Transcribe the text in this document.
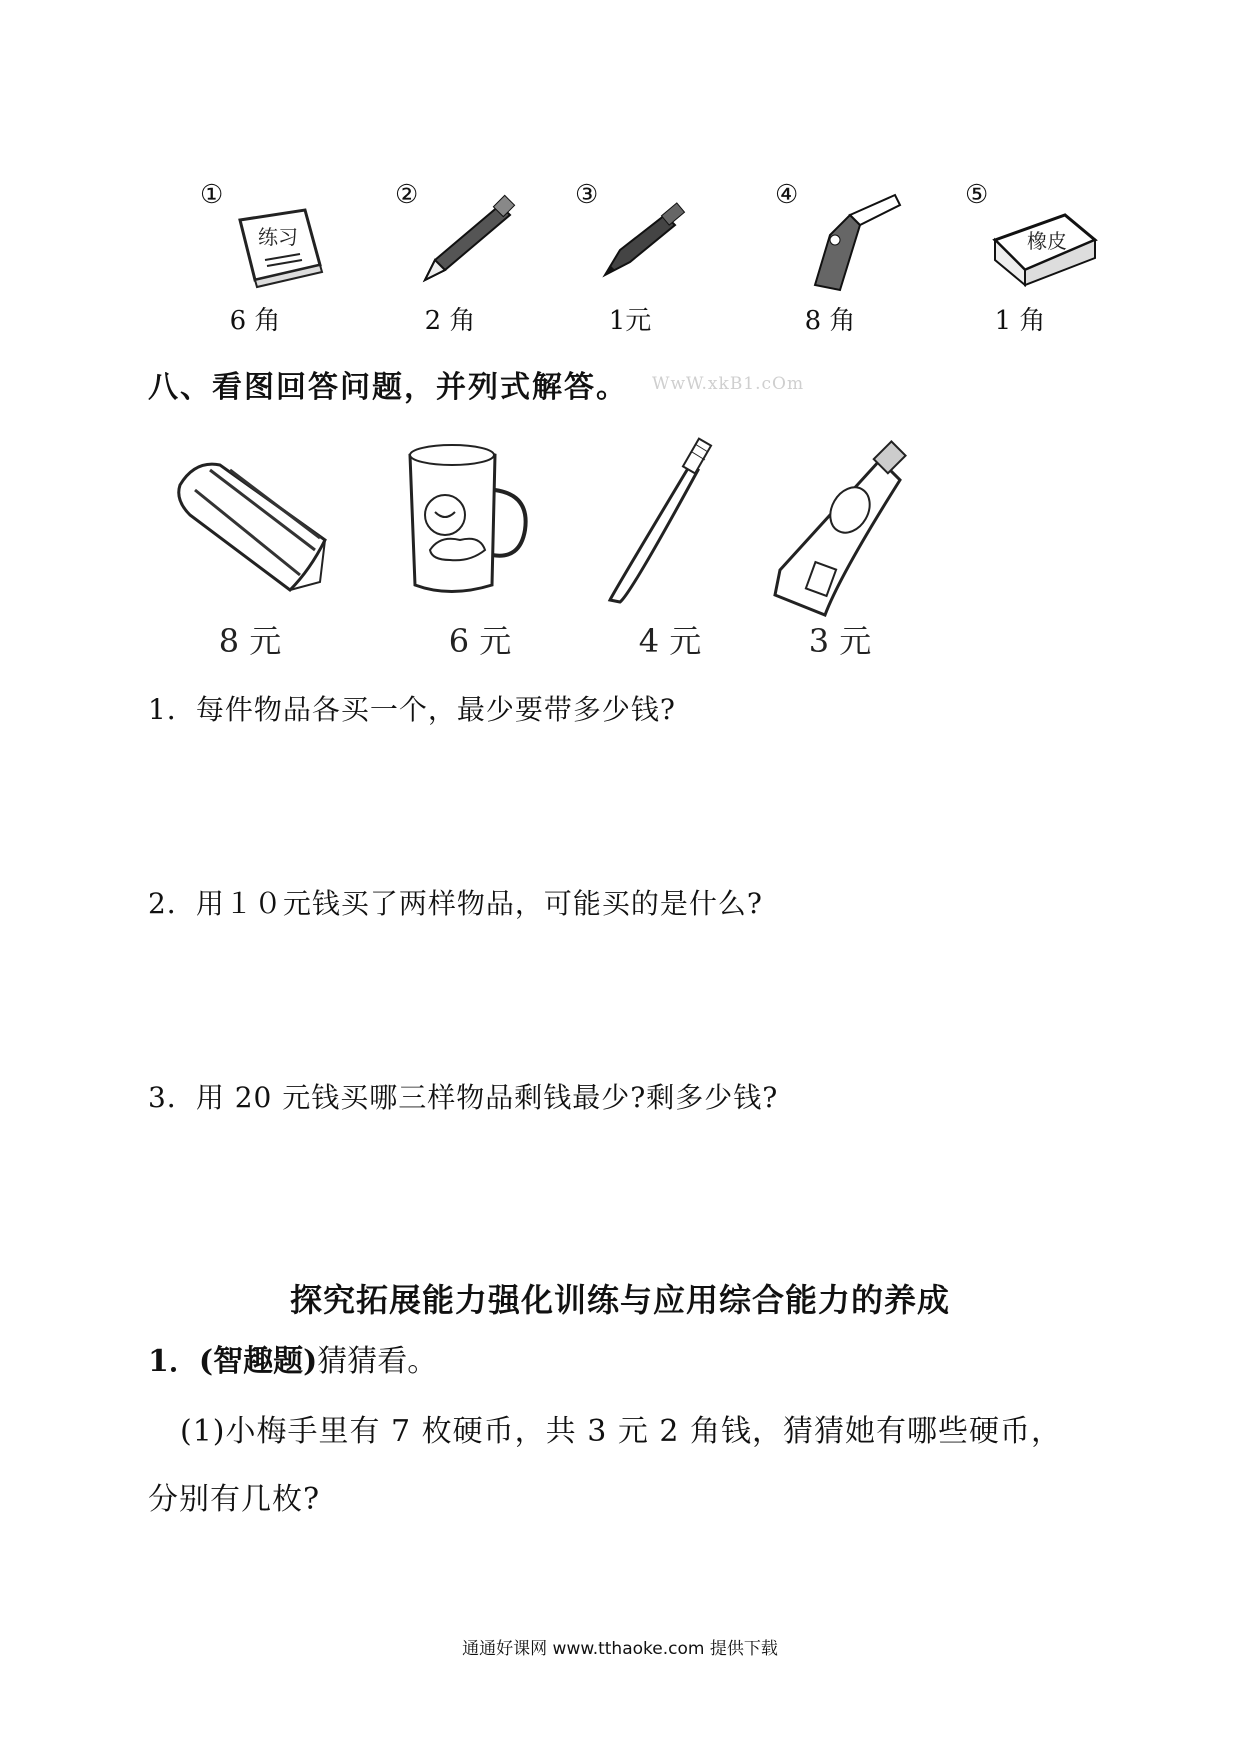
①
练习
6 角
②
2 角
③
1元
④
8 角
⑤
橡皮
1 角
八、看图回答问题，并列式解答。 WwW.xkB1.cOm
8 元	6 元	4 元	3 元
1．每件物品各买一个，最少要带多少钱?
2．用１０元钱买了两样物品，可能买的是什么?
3．用 20 元钱买哪三样物品剩钱最少?剩多少钱?
探究拓展能力强化训练与应用综合能力的养成
1．(智趣题)猜猜看。
(1)小梅手里有 7 枚硬币，共 3 元 2 角钱，猜猜她有哪些硬币，
分别有几枚?
通通好课网 www.tthaoke.com 提供下载
